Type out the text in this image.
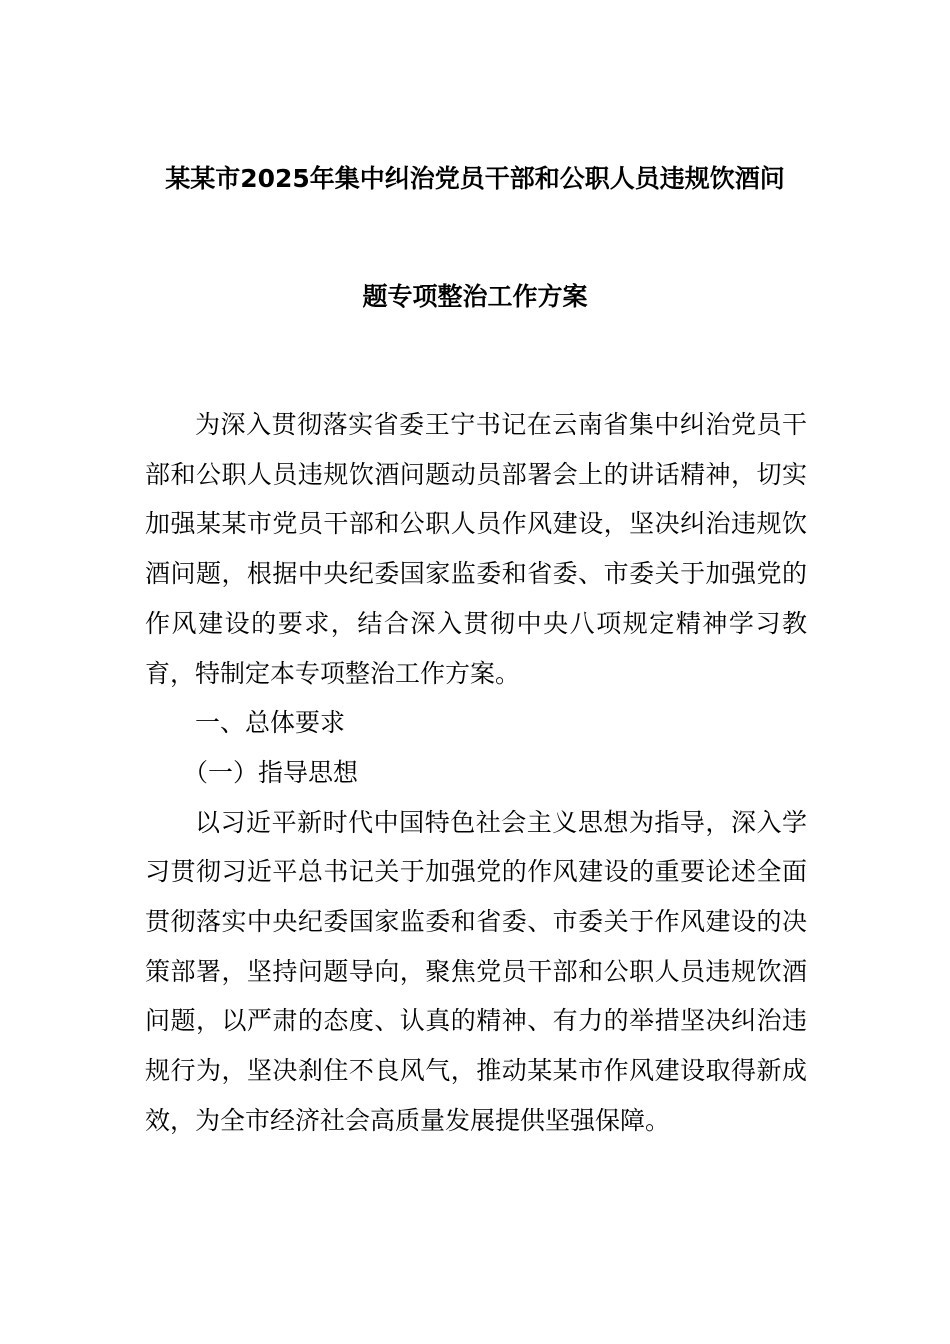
某某市2025年集中纠治党员干部和公职人员违规饮酒问
题专项整治工作方案

为深入贯彻落实省委王宁书记在云南省集中纠治党员干部和公职人员违规饮酒问题动员部署会上的讲话精神，切实加强某某市党员干部和公职人员作风建设，坚决纠治违规饮酒问题，根据中央纪委国家监委和省委、市委关于加强党的作风建设的要求，结合深入贯彻中央八项规定精神学习教育，特制定本专项整治工作方案。

一、总体要求

（一）指导思想

以习近平新时代中国特色社会主义思想为指导，深入学习贯彻习近平总书记关于加强党的作风建设的重要论述全面贯彻落实中央纪委国家监委和省委、市委关于作风建设的决策部署，坚持问题导向，聚焦党员干部和公职人员违规饮酒问题，以严肃的态度、认真的精神、有力的举措坚决纠治违规行为，坚决刹住不良风气，推动某某市作风建设取得新成效，为全市经济社会高质量发展提供坚强保障。
